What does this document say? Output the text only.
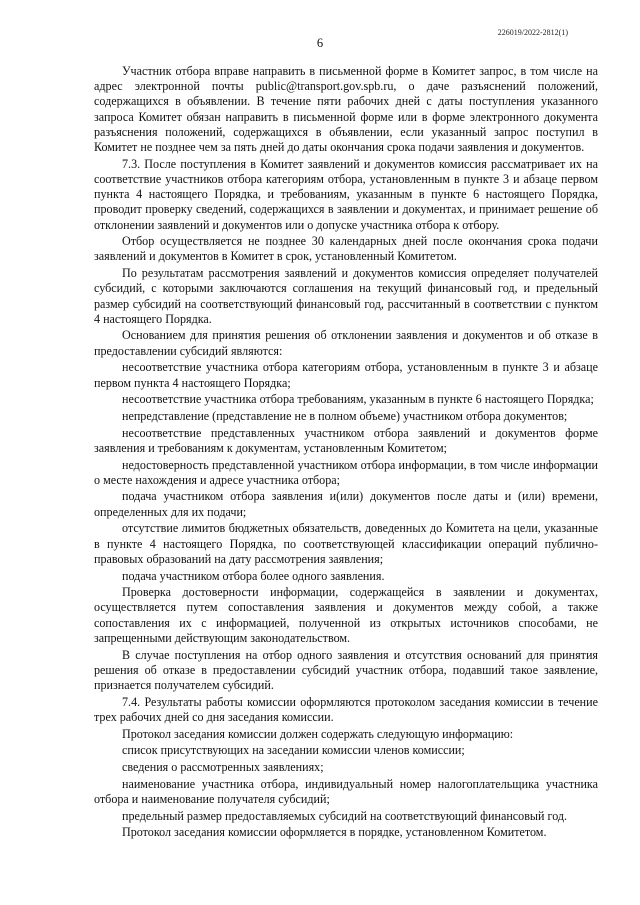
226019/2022-2812(1)
6

Участник отбора вправе направить в письменной форме в Комитет запрос, в том числе на адрес электронной почты public@transport.gov.spb.ru, о даче разъяснений положений, содержащихся в объявлении. В течение пяти рабочих дней с даты поступления указанного запроса Комитет обязан направить в письменной форме или в форме электронного документа разъяснения положений, содержащихся в объявлении, если указанный запрос поступил в Комитет не позднее чем за пять дней до даты окончания срока подачи заявления и документов.

7.3. После поступления в Комитет заявлений и документов комиссия рассматривает их на соответствие участников отбора категориям отбора, установленным в пункте 3 и абзаце первом пункта 4 настоящего Порядка, и требованиям, указанным в пункте 6 настоящего Порядка, проводит проверку сведений, содержащихся в заявлении и документах, и принимает решение об отклонении заявлений и документов или о допуске участника отбора к отбору.

Отбор осуществляется не позднее 30 календарных дней после окончания срока подачи заявлений и документов в Комитет в срок, установленный Комитетом.

По результатам рассмотрения заявлений и документов комиссия определяет получателей субсидий, с которыми заключаются соглашения на текущий финансовый год, и предельный размер субсидий на соответствующий финансовый год, рассчитанный в соответствии с пунктом 4 настоящего Порядка.

Основанием для принятия решения об отклонении заявления и документов и об отказе в предоставлении субсидий являются:

несоответствие участника отбора категориям отбора, установленным в пункте 3 и абзаце первом пункта 4 настоящего Порядка;

несоответствие участника отбора требованиям, указанным в пункте 6 настоящего Порядка;

непредставление (представление не в полном объеме) участником отбора документов;

несоответствие представленных участником отбора заявлений и документов форме заявления и требованиям к документам, установленным Комитетом;

недостоверность представленной участником отбора информации, в том числе информации о месте нахождения и адресе участника отбора;

подача участником отбора заявления и(или) документов после даты и (или) времени, определенных для их подачи;

отсутствие лимитов бюджетных обязательств, доведенных до Комитета на цели, указанные в пункте 4 настоящего Порядка, по соответствующей классификации операций публично-правовых образований на дату рассмотрения заявления;

подача участником отбора более одного заявления.

Проверка достоверности информации, содержащейся в заявлении и документах, осуществляется путем сопоставления заявления и документов между собой, а также сопоставления их с информацией, полученной из открытых источников способами, не запрещенными действующим законодательством.

В случае поступления на отбор одного заявления и отсутствия оснований для принятия решения об отказе в предоставлении субсидий участник отбора, подавший такое заявление, признается получателем субсидий.

7.4. Результаты работы комиссии оформляются протоколом заседания комиссии в течение трех рабочих дней со дня заседания комиссии.

Протокол заседания комиссии должен содержать следующую информацию:

список присутствующих на заседании комиссии членов комиссии;

сведения о рассмотренных заявлениях;

наименование участника отбора, индивидуальный номер налогоплательщика участника отбора и наименование получателя субсидий;

предельный размер предоставляемых субсидий на соответствующий финансовый год.

Протокол заседания комиссии оформляется в порядке, установленном Комитетом.
